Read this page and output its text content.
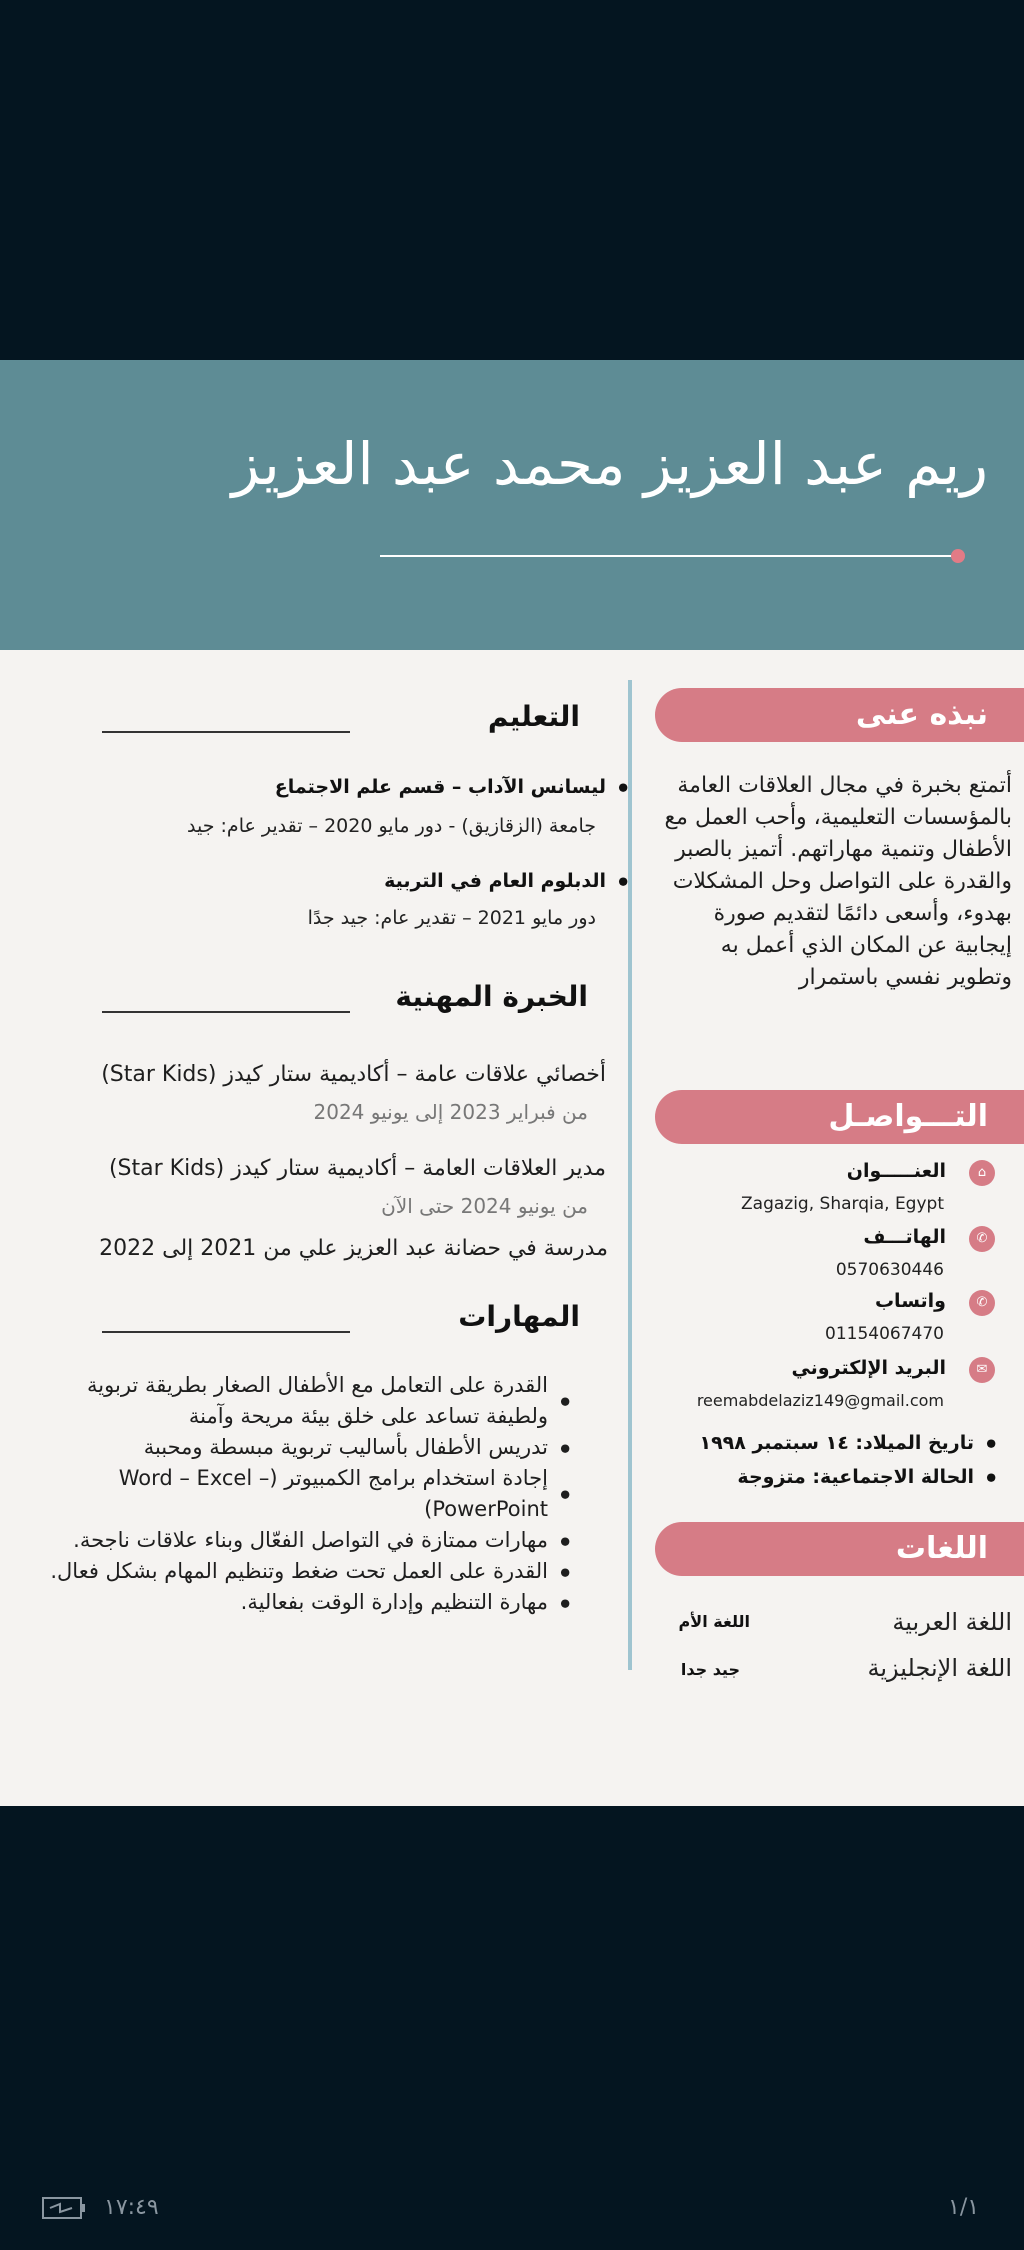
ريم عبد العزيز محمد عبد العزيز
نبذه عنى
أتمتع بخبرة في مجال العلاقات العامة بالمؤسسات التعليمية، وأحب العمل مع الأطفال وتنمية مهاراتهم. أتميز بالصبر والقدرة على التواصل وحل المشكلات بهدوء، وأسعى دائمًا لتقديم صورة إيجابية عن المكان الذي أعمل به وتطوير نفسي باستمرار
التـــواصـل
⌂
العنـــــوان
Zagazig, Sharqia, Egypt
✆
الهاتـــف
0570630446
✆
واتساب
01154067470
✉
البريد الإلكتروني
reemabdelaziz149@gmail.com
● تاريخ الميلاد: ١٤ سبتمبر ١٩٩٨
● الحالة الاجتماعية: متزوجة
اللغات
اللغة العربية
اللغة الأم
اللغة الإنجليزية
جيد جدا
التعليم
● ليسانس الآداب – قسم علم الاجتماع
جامعة (الزقازيق) - دور مايو 2020 – تقدير عام: جيد
● الدبلوم العام في التربية
دور مايو 2021 – تقدير عام: جيد جدًا
الخبرة المهنية
أخصائي علاقات عامة – أكاديمية ستار كيدز (Star Kids)
من فبراير 2023 إلى يونيو 2024
مدير العلاقات العامة – أكاديمية ستار كيدز (Star Kids)
من يونيو 2024 حتى الآن
مدرسة في حضانة عبد العزيز علي من 2021 إلى 2022
المهارات
● القدرة على التعامل مع الأطفال الصغار بطريقة تربوية ولطيفة تساعد على خلق بيئة مريحة وآمنة
● تدريس الأطفال بأساليب تربوية مبسطة ومحببة
● إجادة استخدام برامج الكمبيوتر (Word – Excel – PowerPoint)
● مهارات ممتازة في التواصل الفعّال وبناء علاقات ناجحة.
● القدرة على العمل تحت ضغط وتنظيم المهام بشكل فعال.
● مهارة التنظيم وإدارة الوقت بفعالية.
١٧:٤٩	١/١
